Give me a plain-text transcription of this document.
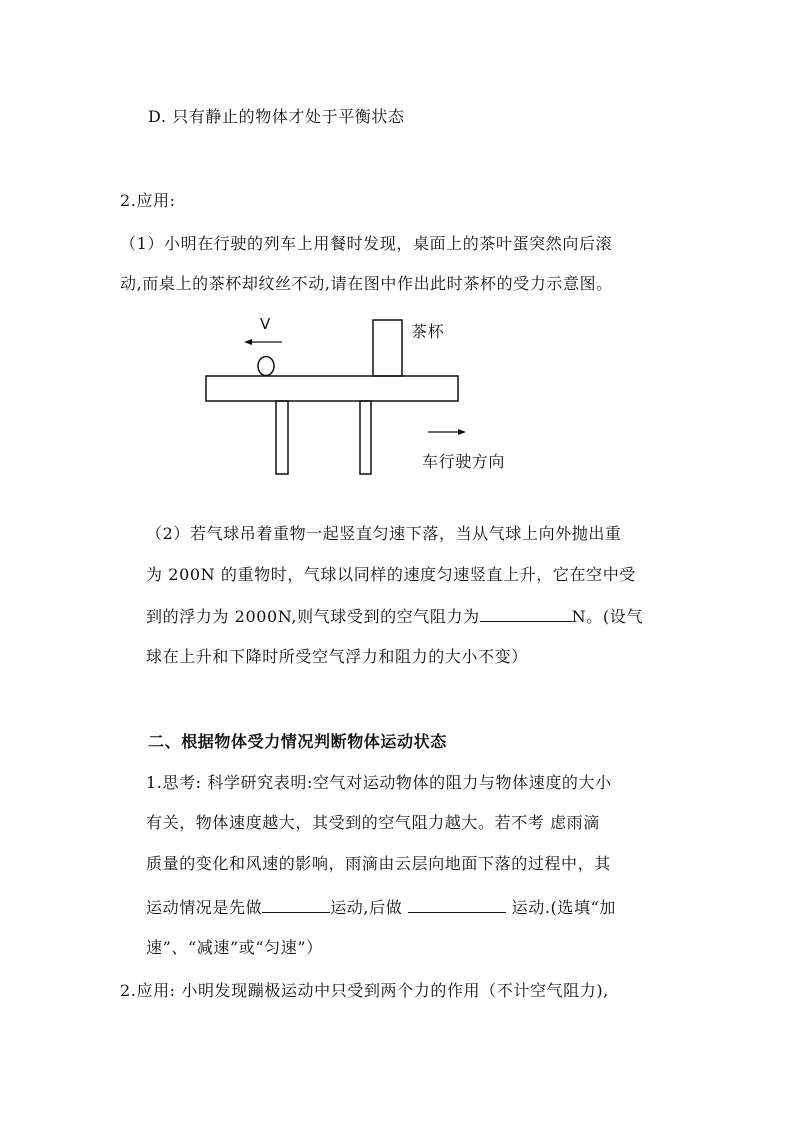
D. 只有静止的物体才处于平衡状态
2.应用:
（1）小明在行驶的列车上用餐时发现，桌面上的茶叶蛋突然向后滚
动,而桌上的茶杯却纹丝不动,请在图中作出此时茶杯的受力示意图。
V	茶杯
车行驶方向
（2）若气球吊着重物一起竖直匀速下落，当从气球上向外抛出重
为 200N 的重物时，气球以同样的速度匀速竖直上升，它在空中受
到的浮力为 2000N,则气球受到的空气阻力为	N。(设气
球在上升和下降时所受空气浮力和阻力的大小不变）
二、根据物体受力情况判断物体运动状态
1.思考: 科学研究表明:空气对运动物体的阻力与物体速度的大小
有关，物体速度越大，其受到的空气阻力越大。若不考 虑雨滴
质量的变化和风速的影响，雨滴由云层向地面下落的过程中，其
运动情况是先做	运动,后做	运动.(选填“加
速”、“减速”或“匀速”）
2.应用: 小明发现蹦极运动中只受到两个力的作用（不计空气阻力),
